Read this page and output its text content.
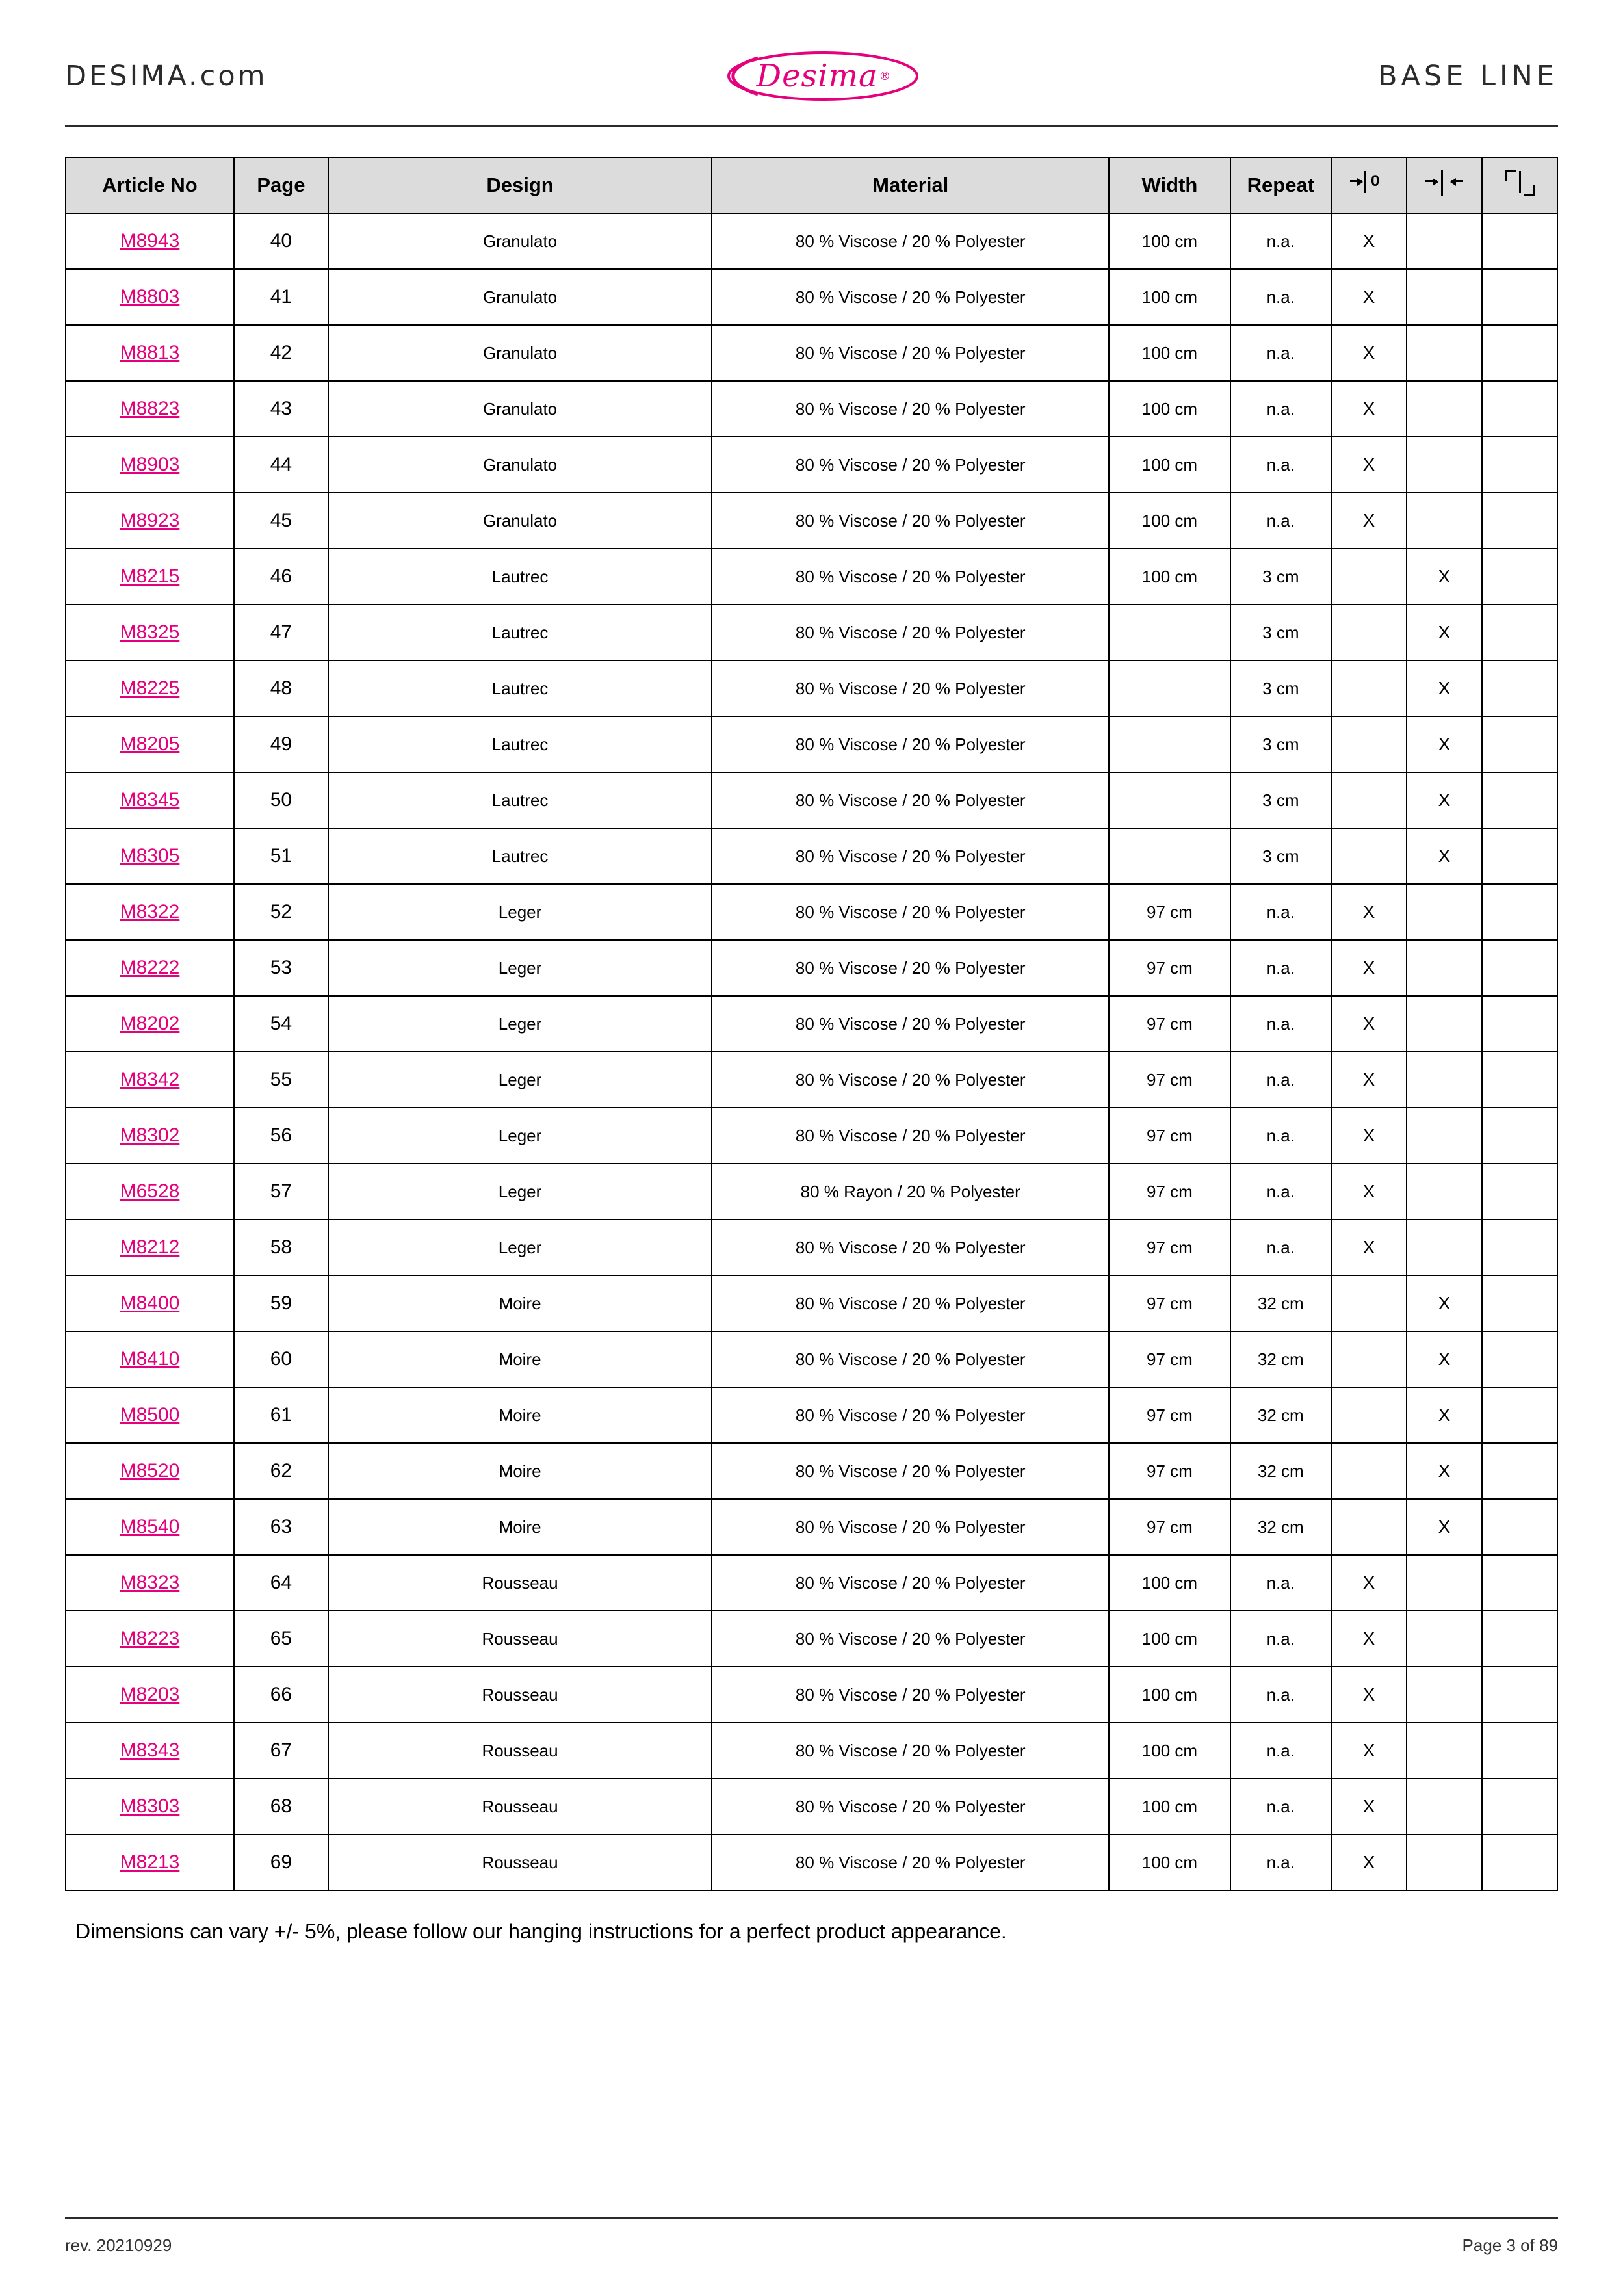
DESIMA.com	Desima ®	BASE LINE
Article No	Page	Design	Material	Width	Repeat	0		

M8943	40	Granulato	80 % Viscose / 20 % Polyester	100 cm	n.a.	X		
M8803	41	Granulato	80 % Viscose / 20 % Polyester	100 cm	n.a.	X		
M8813	42	Granulato	80 % Viscose / 20 % Polyester	100 cm	n.a.	X		
M8823	43	Granulato	80 % Viscose / 20 % Polyester	100 cm	n.a.	X		
M8903	44	Granulato	80 % Viscose / 20 % Polyester	100 cm	n.a.	X		
M8923	45	Granulato	80 % Viscose / 20 % Polyester	100 cm	n.a.	X		
M8215	46	Lautrec	80 % Viscose / 20 % Polyester	100 cm	3 cm		X	
M8325	47	Lautrec	80 % Viscose / 20 % Polyester		3 cm		X	
M8225	48	Lautrec	80 % Viscose / 20 % Polyester		3 cm		X	
M8205	49	Lautrec	80 % Viscose / 20 % Polyester		3 cm		X	
M8345	50	Lautrec	80 % Viscose / 20 % Polyester		3 cm		X	
M8305	51	Lautrec	80 % Viscose / 20 % Polyester		3 cm		X	
M8322	52	Leger	80 % Viscose / 20 % Polyester	97 cm	n.a.	X		
M8222	53	Leger	80 % Viscose / 20 % Polyester	97 cm	n.a.	X		
M8202	54	Leger	80 % Viscose / 20 % Polyester	97 cm	n.a.	X		
M8342	55	Leger	80 % Viscose / 20 % Polyester	97 cm	n.a.	X		
M8302	56	Leger	80 % Viscose / 20 % Polyester	97 cm	n.a.	X		
M6528	57	Leger	80 % Rayon / 20 % Polyester	97 cm	n.a.	X		
M8212	58	Leger	80 % Viscose / 20 % Polyester	97 cm	n.a.	X		
M8400	59	Moire	80 % Viscose / 20 % Polyester	97 cm	32 cm		X	
M8410	60	Moire	80 % Viscose / 20 % Polyester	97 cm	32 cm		X	
M8500	61	Moire	80 % Viscose / 20 % Polyester	97 cm	32 cm		X	
M8520	62	Moire	80 % Viscose / 20 % Polyester	97 cm	32 cm		X	
M8540	63	Moire	80 % Viscose / 20 % Polyester	97 cm	32 cm		X	
M8323	64	Rousseau	80 % Viscose / 20 % Polyester	100 cm	n.a.	X		
M8223	65	Rousseau	80 % Viscose / 20 % Polyester	100 cm	n.a.	X		
M8203	66	Rousseau	80 % Viscose / 20 % Polyester	100 cm	n.a.	X		
M8343	67	Rousseau	80 % Viscose / 20 % Polyester	100 cm	n.a.	X		
M8303	68	Rousseau	80 % Viscose / 20 % Polyester	100 cm	n.a.	X		
M8213	69	Rousseau	80 % Viscose / 20 % Polyester	100 cm	n.a.	X		
Dimensions can vary +/- 5%, please follow our hanging instructions for a perfect product appearance.
rev. 20210929	Page 3 of 89
